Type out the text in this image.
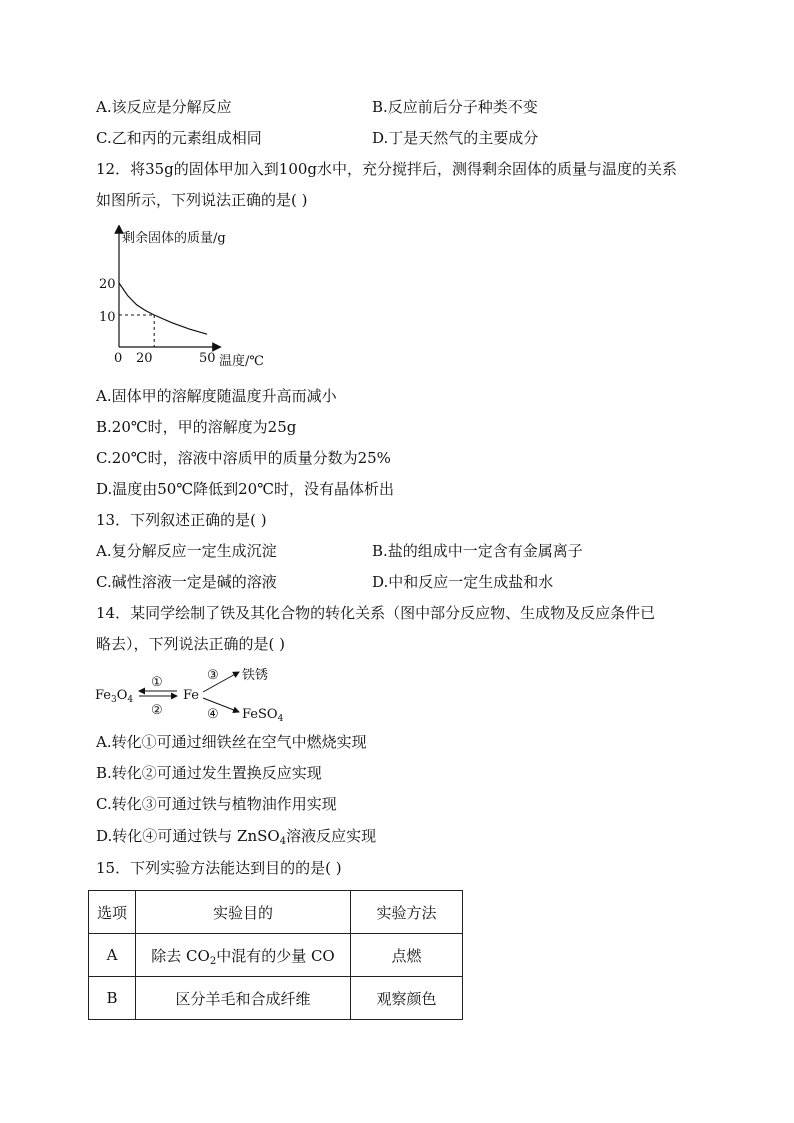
A.该反应是分解反应	B.反应前后分子种类不变
C.乙和丙的元素组成相同	D.丁是天然气的主要成分
12．将35g的固体甲加入到100g水中，充分搅拌后，测得剩余固体的质量与温度的关系
如图所示，下列说法正确的是( )
剩余固体的质量/g
温度/℃
0 20	50
20
10
A.固体甲的溶解度随温度升高而减小
B.20℃时，甲的溶解度为25g
C.20℃时，溶液中溶质甲的质量分数为25%
D.温度由50℃降低到20℃时，没有晶体析出
13．下列叙述正确的是( )
A.复分解反应一定生成沉淀	B.盐的组成中一定含有金属离子
C.碱性溶液一定是碱的溶液	D.中和反应一定生成盐和水
14．某同学绘制了铁及其化合物的转化关系（图中部分反应物、生成物及反应条件已
略去），下列说法正确的是( )
$Fe_3O_4$
①
②
Fe
③ 铁锈
④ FeSO$_4$
A.转化①可通过细铁丝在空气中燃烧实现
B.转化②可通过发生置换反应实现
C.转化③可通过铁与植物油作用实现
D.转化④可通过铁与 ZnSO$_4$溶液反应实现
15．下列实验方法能达到目的的是( )
选项	实验目的	实验方法
A	除去 $CO_2$中混有的少量 CO	点燃
B	区分羊毛和合成纤维	观察颜色
